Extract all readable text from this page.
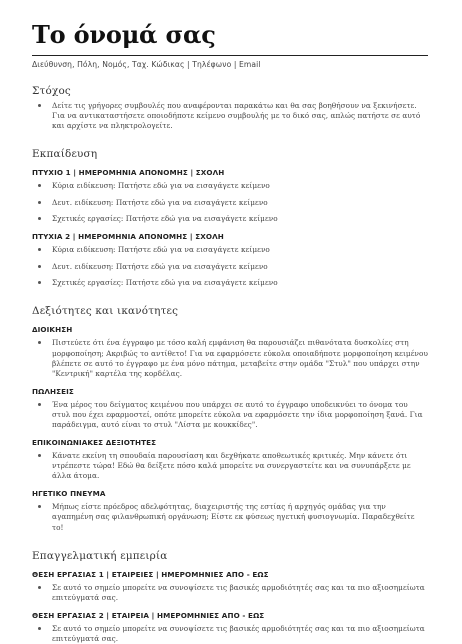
Το όνομά σας
Διεύθυνση, Πόλη, Νομός, Ταχ. Κώδικας | Τηλέφωνο | Email
Στόχος
Δείτε τις γρήγορες συμβουλές που αναφέρονται παρακάτω και θα σας βοηθήσουν να ξεκινήσετε. Για να αντικαταστήσετε οποιοδήποτε κείμενο συμβουλής με το δικό σας, απλώς πατήστε σε αυτό και αρχίστε να πληκτρολογείτε.
Εκπαίδευση
ΠΤΥΧΙΟ 1 | ΗΜΕΡΟΜΗΝΙΑ ΑΠΟΝΟΜΗΣ | ΣΧΟΛΗ
Κύρια ειδίκευση: Πατήστε εδώ για να εισαγάγετε κείμενο
Δευτ. ειδίκευση: Πατήστε εδώ για να εισαγάγετε κείμενο
Σχετικές εργασίες: Πατήστε εδώ για να εισαγάγετε κείμενο
ΠΤΥΧΙΑ 2 | ΗΜΕΡΟΜΗΝΙΑ ΑΠΟΝΟΜΗΣ | ΣΧΟΛΗ
Κύρια ειδίκευση: Πατήστε εδώ για να εισαγάγετε κείμενο
Δευτ. ειδίκευση: Πατήστε εδώ για να εισαγάγετε κείμενο
Σχετικές εργασίες: Πατήστε εδώ για να εισαγάγετε κείμενο
Δεξιότητες και ικανότητες
ΔΙΟΙΚΗΣΗ
Πιστεύετε ότι ένα έγγραφο με τόσο καλή εμφάνιση θα παρουσιάζει πιθανότατα δυσκολίες στη μορφοποίηση; Ακριβώς το αντίθετο! Για να εφαρμόσετε εύκολα οποιαδήποτε μορφοποίηση κειμένου βλέπετε σε αυτό το έγγραφο με ένα μόνο πάτημα, μεταβείτε στην ομάδα "Στυλ" που υπάρχει στην "Κεντρική" καρτέλα της κορδέλας.
ΠΩΛΗΣΕΙΣ
Ένα μέρος του δείγματος κειμένου που υπάρχει σε αυτό το έγγραφο υποδεικνύει το όνομα του στυλ που έχει εφαρμοστεί, οπότε μπορείτε εύκολα να εφαρμόσετε την ίδια μορφοποίηση ξανά. Για παράδειγμα, αυτό είναι το στυλ "Λίστα με κουκκίδες".
ΕΠΙΚΟΙΝΩΝΙΑΚΕΣ ΔΕΞΙΟΤΗΤΕΣ
Κάνατε εκείνη τη σπουδαία παρουσίαση και δεχθήκατε αποθεωτικές κριτικές. Μην κάνετε ότι ντρέπεστε τώρα! Εδώ θα δείξετε πόσο καλά μπορείτε να συνεργαστείτε και να συνυπάρξετε με άλλα άτομα.
ΗΓΕΤΙΚΟ ΠΝΕΥΜΑ
Μήπως είστε πρόεδρος αδελφότητας, διαχειριστής της εστίας ή αρχηγός ομάδας για την αγαπημένη σας φιλανθρωπική οργάνωση; Είστε εκ φύσεως ηγετική φυσιογνωμία. Παραδεχθείτε το!
Επαγγελματική εμπειρία
ΘΕΣΗ ΕΡΓΑΣΙΑΣ 1 | ΕΤΑΙΡΕΙΕΣ | ΗΜΕΡΟΜΗΝΙΕΣ ΑΠΟ - ΕΩΣ
Σε αυτό το σημείο μπορείτε να συνοψίσετε τις βασικές αρμοδιότητές σας και τα πιο αξιοσημείωτα επιτεύγματά σας.
ΘΕΣΗ ΕΡΓΑΣΙΑΣ 2 | ΕΤΑΙΡΕΙΑ | ΗΜΕΡΟΜΗΝΙΕΣ ΑΠΟ - ΕΩΣ
Σε αυτό το σημείο μπορείτε να συνοψίσετε τις βασικές αρμοδιότητές σας και τα πιο αξιοσημείωτα επιτεύγματά σας.
